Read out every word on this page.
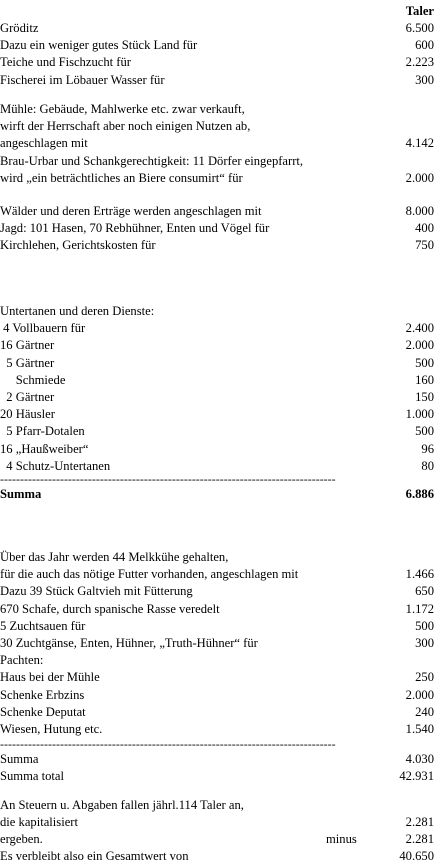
Taler
Gröditz	6.500
Dazu ein weniger gutes Stück Land für	600
Teiche und Fischzucht für	2.223
Fischerei im Löbauer Wasser für	300
Mühle: Gebäude, Mahlwerke etc. zwar verkauft,
wirft der Herrschaft aber noch einigen Nutzen ab,
angeschlagen mit	4.142
Brau-Urbar und Schankgerechtigkeit: 11 Dörfer eingepfarrt,
wird „ein beträchtliches an Biere consumirt“ für	2.000
Wälder und deren Erträge werden angeschlagen mit	8.000
Jagd: 101 Hasen, 70 Rebhühner, Enten und Vögel für	400
Kirchlehen, Gerichtskosten für	750
Untertanen und deren Dienste:
4 Vollbauern für	2.400
16 Gärtner	2.000
5 Gärtner	500
Schmiede	160
2 Gärtner	150
20 Häusler	1.000
5 Pfarr-Dotalen	500
16 „Haußweiber“	96
4 Schutz-Untertanen	80
------------------------------------------------------------------------------------
Summa	6.886
Über das Jahr werden 44 Melkkühe gehalten,
für die auch das nötige Futter vorhanden, angeschlagen mit	1.466
Dazu 39 Stück Galtvieh mit Fütterung	650
670 Schafe, durch spanische Rasse veredelt	1.172
5 Zuchtsauen für	500
30 Zuchtgänse, Enten, Hühner, „Truth-Hühner“ für	300
Pachten:
Haus bei der Mühle	250
Schenke Erbzins	2.000
Schenke Deputat	240
Wiesen, Hutung etc.	1.540
------------------------------------------------------------------------------------
Summa	4.030
Summa total	42.931
An Steuern u. Abgaben fallen jährl.114 Taler an,
die kapitalisiert	2.281
ergeben.	minus	2.281
Es verbleibt also ein Gesamtwert von	40.650
